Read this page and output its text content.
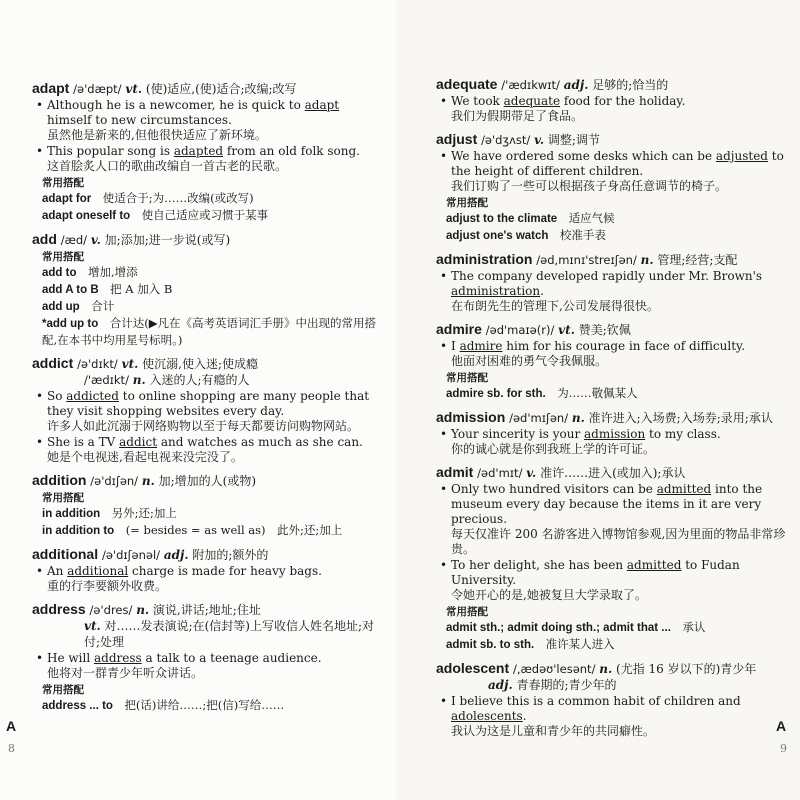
adapt /ə'dæpt/ vt. (使)适应,(使)适合;改编;改写
• Although he is a newcomer, he is quick to adapt himself to new circumstances.
虽然他是新来的,但他很快适应了新环境。
• This popular song is adapted from an old folk song.
这首脍炙人口的歌曲改编自一首古老的民歌。
常用搭配
adapt for　 使适合于;为……改编(或改写)
adapt oneself to　 使自己适应或习惯于某事
add /æd/ v. 加;添加;进一步说(或写)
常用搭配
add to　 增加,增添
add A to B　 把 A 加入 B
add up　 合计
*add up to　 合计达(▶凡在《高考英语词汇手册》中出现的常用搭配,在本书中均用星号标明。)
addict /ə'dɪkt/ vt. 使沉溺,使入迷;使成瘾
/'ædɪkt/ n. 入迷的人;有瘾的人
• So addicted to online shopping are many people that they visit shopping websites every day.
许多人如此沉溺于网络购物以至于每天都要访问购物网站。
• She is a TV addict and watches as much as she can.
她是个电视迷,看起电视来没完没了。
addition /ə'dɪʃən/ n. 加;增加的人(或物)
常用搭配
in addition　 另外;还;加上
in addition to　 (= besides = as well as)　此外;还;加上
additional /ə'dɪʃənəl/ adj. 附加的;额外的
• An additional charge is made for heavy bags.
重的行李要额外收费。
address /ə'dres/ n. 演说,讲话;地址;住址
vt. 对……发表演说;在(信封等)上写收信人姓名地址;对付;处理
• He will address a talk to a teenage audience.
他将对一群青少年听众讲话。
常用搭配
address ... to　 把(话)讲给……;把(信)写给……
adequate /'ædɪkwɪt/ adj. 足够的;恰当的
• We took adequate food for the holiday.
我们为假期带足了食品。
adjust /ə'dʒʌst/ v. 调整;调节
• We have ordered some desks which can be adjusted to the height of different children.
我们订购了一些可以根据孩子身高任意调节的椅子。
常用搭配
adjust to the climate　 适应气候
adjust one's watch　 校准手表
administration /əd,mɪnɪ'streɪʃən/ n. 管理;经营;支配
• The company developed rapidly under Mr. Brown's administration.
在布朗先生的管理下,公司发展得很快。
admire /əd'maɪə(r)/ vt. 赞美;钦佩
• I admire him for his courage in face of difficulty.
他面对困难的勇气令我佩服。
常用搭配
admire sb. for sth.　 为……敬佩某人
admission /əd'mɪʃən/ n. 准许进入;入场费;入场券;录用;承认
• Your sincerity is your admission to my class.
你的诚心就是你到我班上学的许可证。
admit /əd'mɪt/ v. 准许……进入(或加入);承认
• Only two hundred visitors can be admitted into the museum every day because the items in it are very precious.
每天仅准许 200 名游客进入博物馆参观,因为里面的物品非常珍贵。
• To her delight, she has been admitted to Fudan University.
令她开心的是,她被复旦大学录取了。
常用搭配
admit sth.; admit doing sth.; admit that ...　 承认
admit sb. to sth.　 准许某人进入
adolescent /,ædəʊ'lesənt/ n. (尤指 16 岁以下的)青少年
adj. 青春期的;青少年的
• I believe this is a common habit of children and adolescents.
我认为这是儿童和青少年的共同癖性。
A
8
A
9
